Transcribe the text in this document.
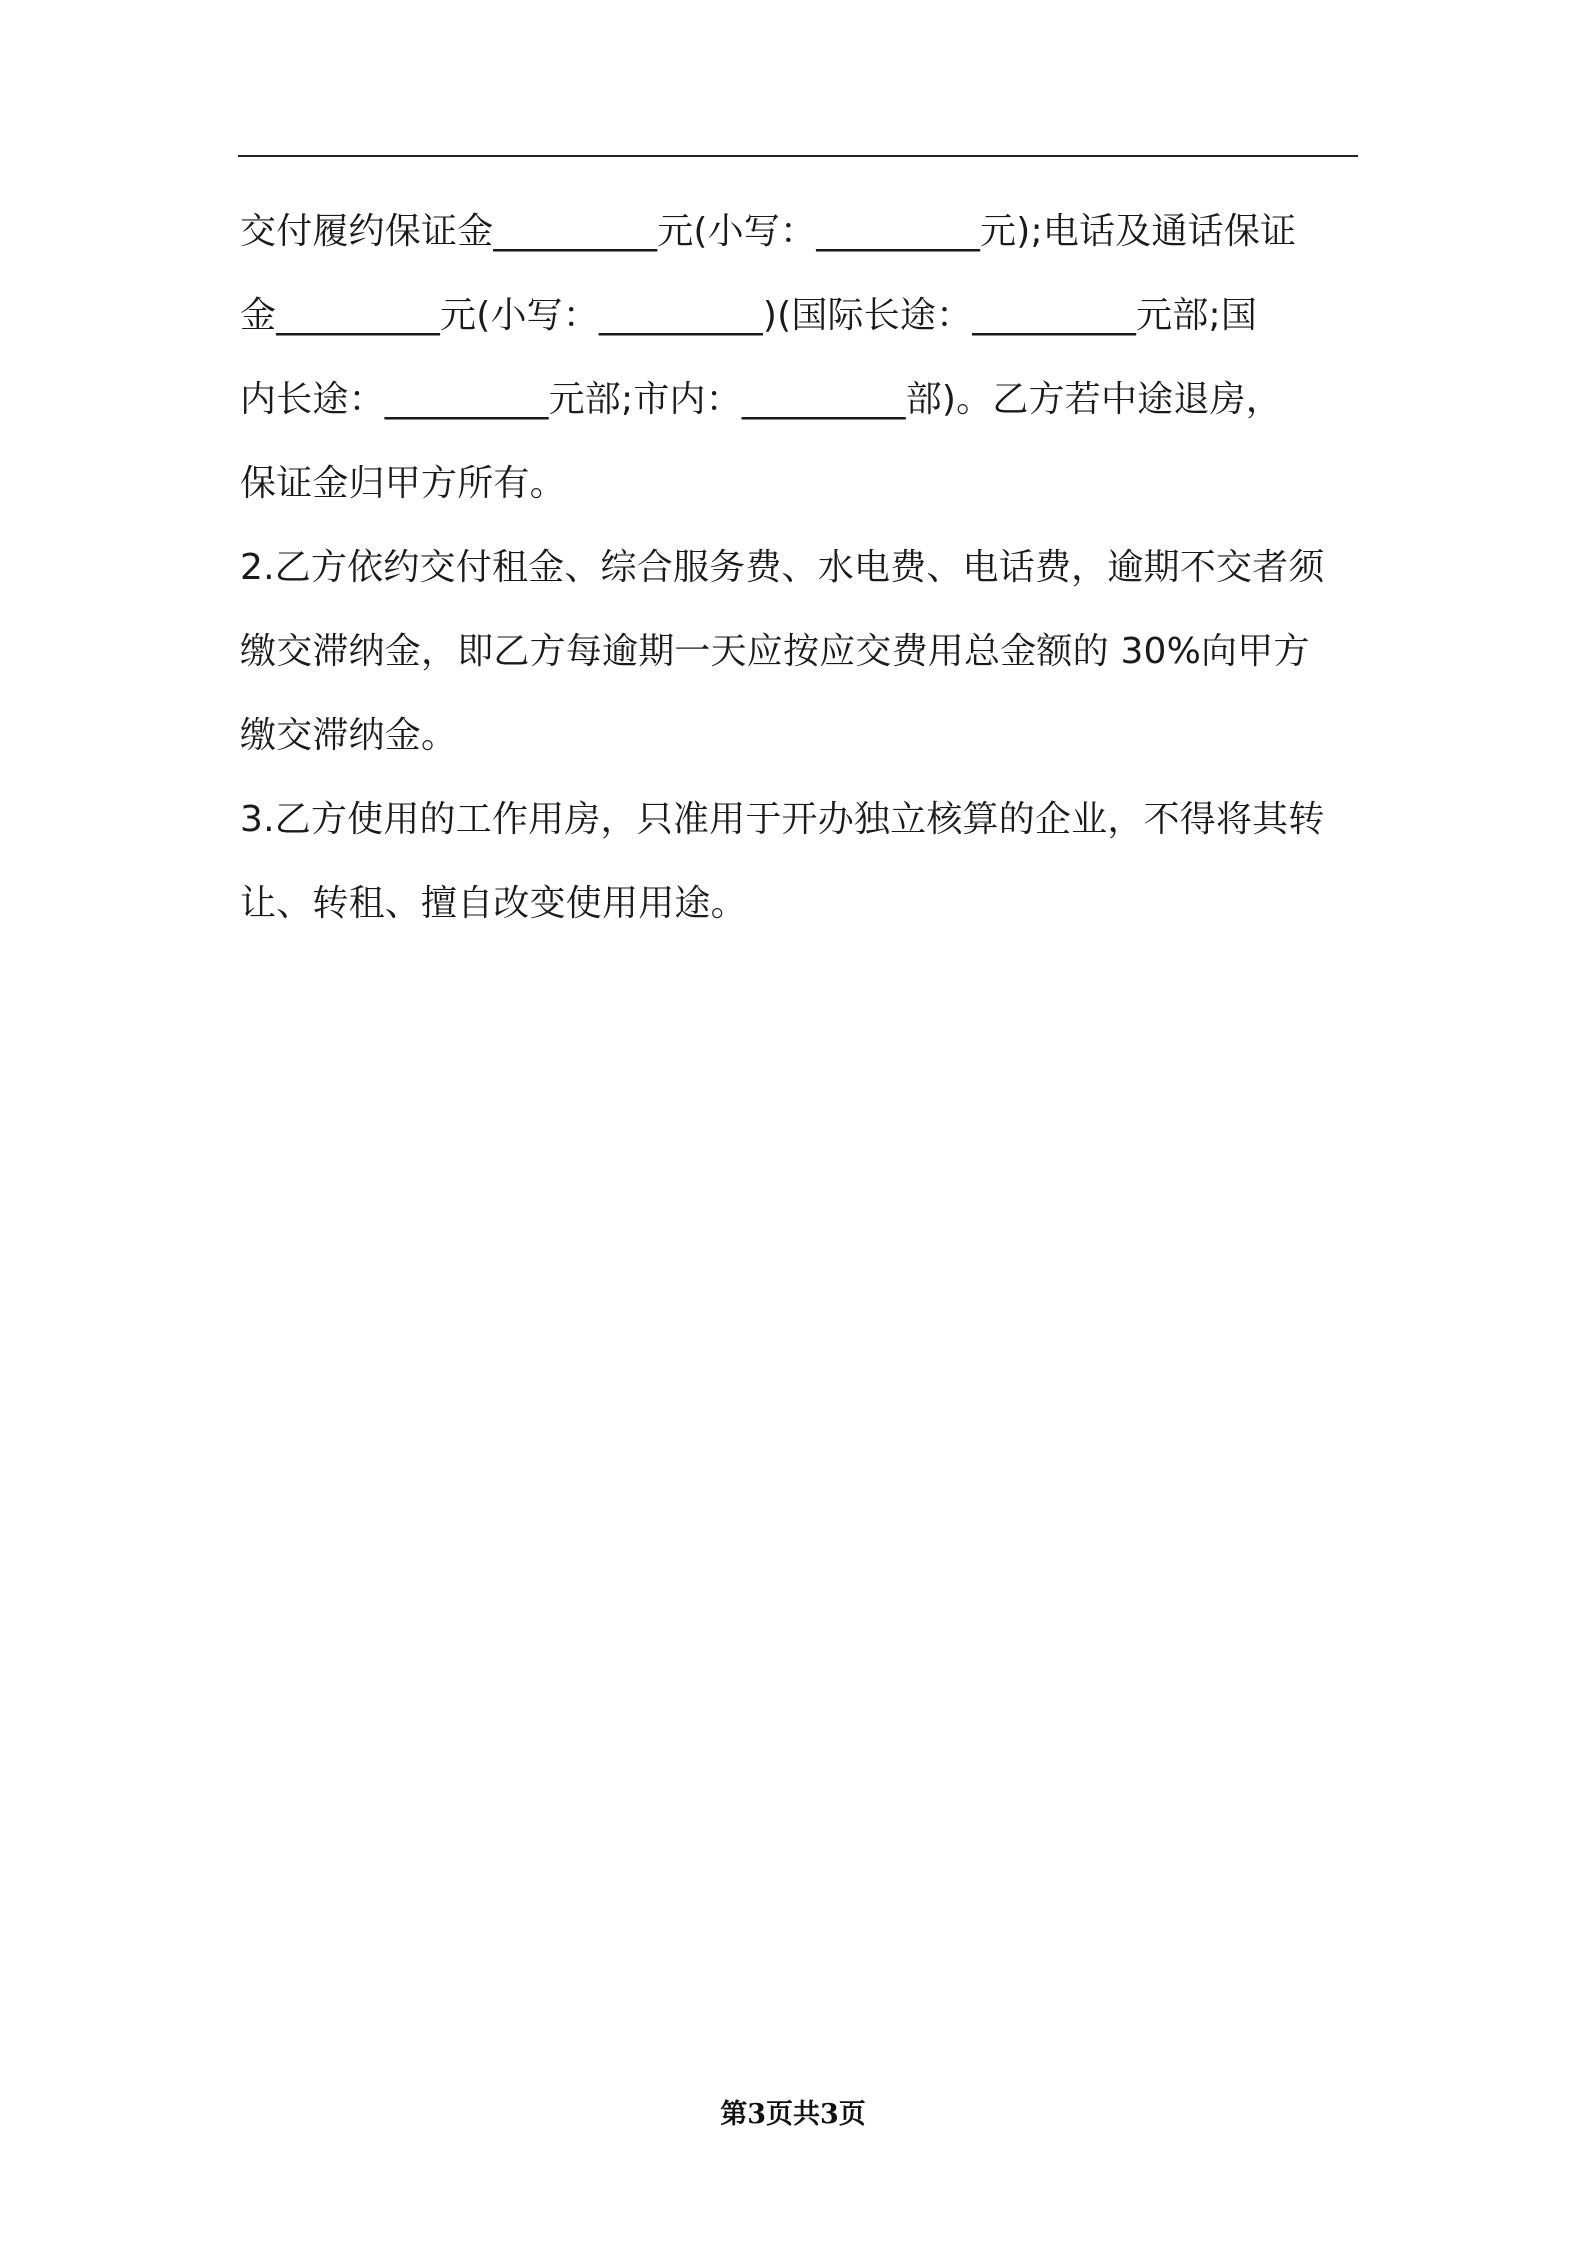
交付履约保证金_________元(小写：_________元);电话及通话保证
金_________元(小写：_________)(国际长途：_________元部;国
内长途：_________元部;市内：_________部)。乙方若中途退房，
保证金归甲方所有。
2.乙方依约交付租金、综合服务费、水电费、电话费，逾期不交者须
缴交滞纳金，即乙方每逾期一天应按应交费用总金额的 30%向甲方
缴交滞纳金。
3.乙方使用的工作用房，只准用于开办独立核算的企业，不得将其转
让、转租、擅自改变使用用途。
第3页共3页
